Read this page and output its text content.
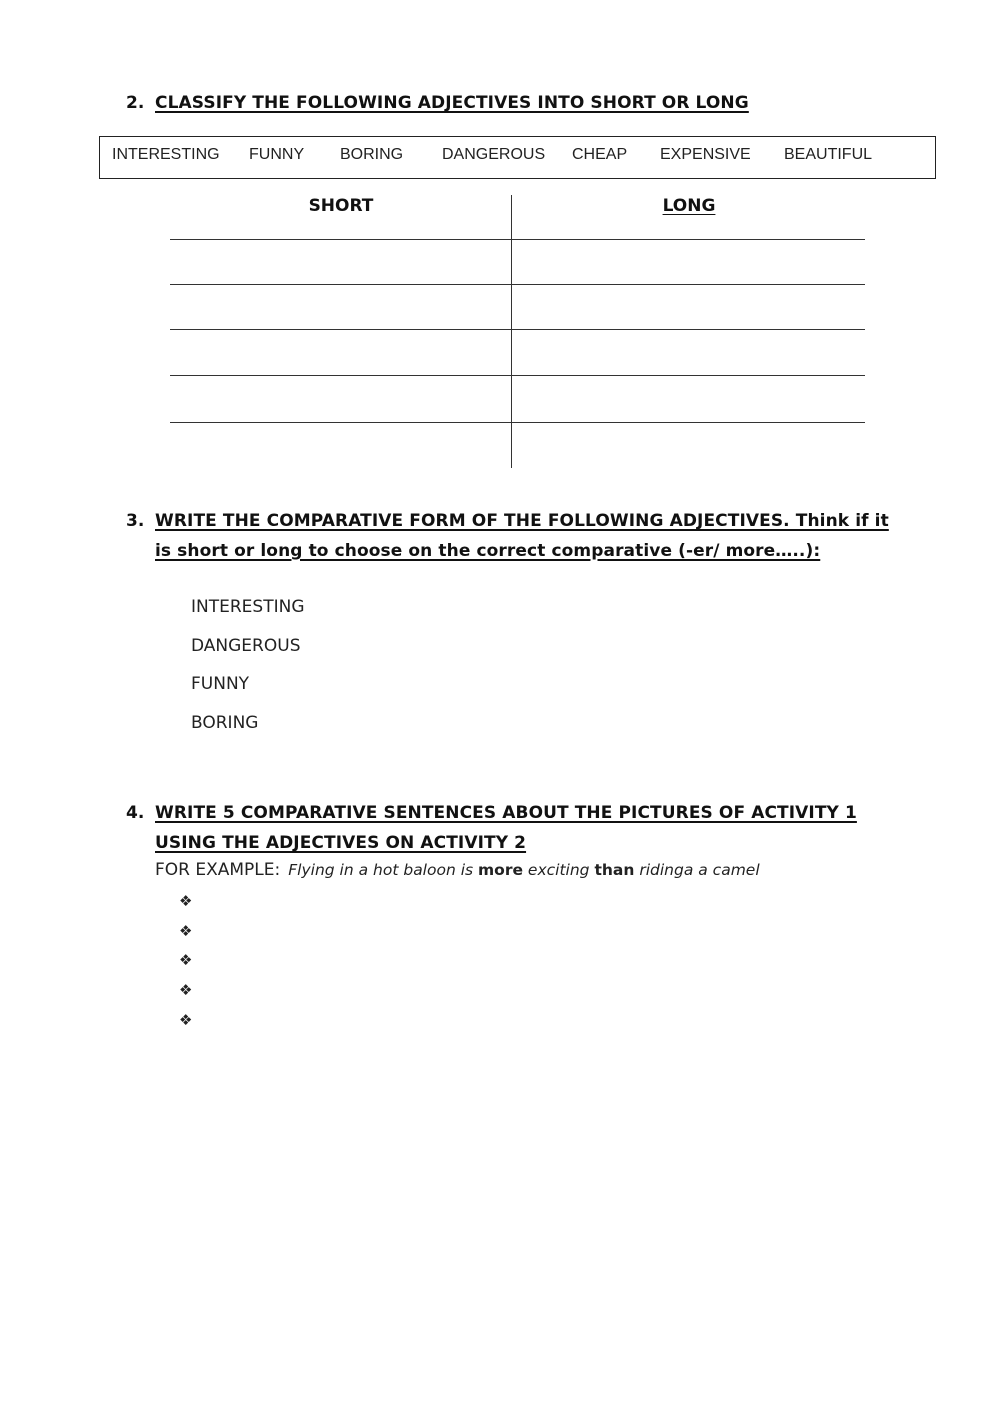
2. CLASSIFY THE FOLLOWING ADJECTIVES INTO SHORT OR LONG
INTERESTING FUNNY BORING DANGEROUS CHEAP EXPENSIVE BEAUTIFUL
SHORT	LONG
3. WRITE THE COMPARATIVE FORM OF THE FOLLOWING ADJECTIVES. Think if it
is short or long to choose on the correct comparative (-er/ more…..):
INTERESTING
DANGEROUS
FUNNY
BORING
4. WRITE 5 COMPARATIVE SENTENCES ABOUT THE PICTURES OF ACTIVITY 1
USING THE ADJECTIVES ON ACTIVITY 2
FOR EXAMPLE: Flying in a hot baloon is more exciting than ridinga a camel
❖
❖
❖
❖
❖
